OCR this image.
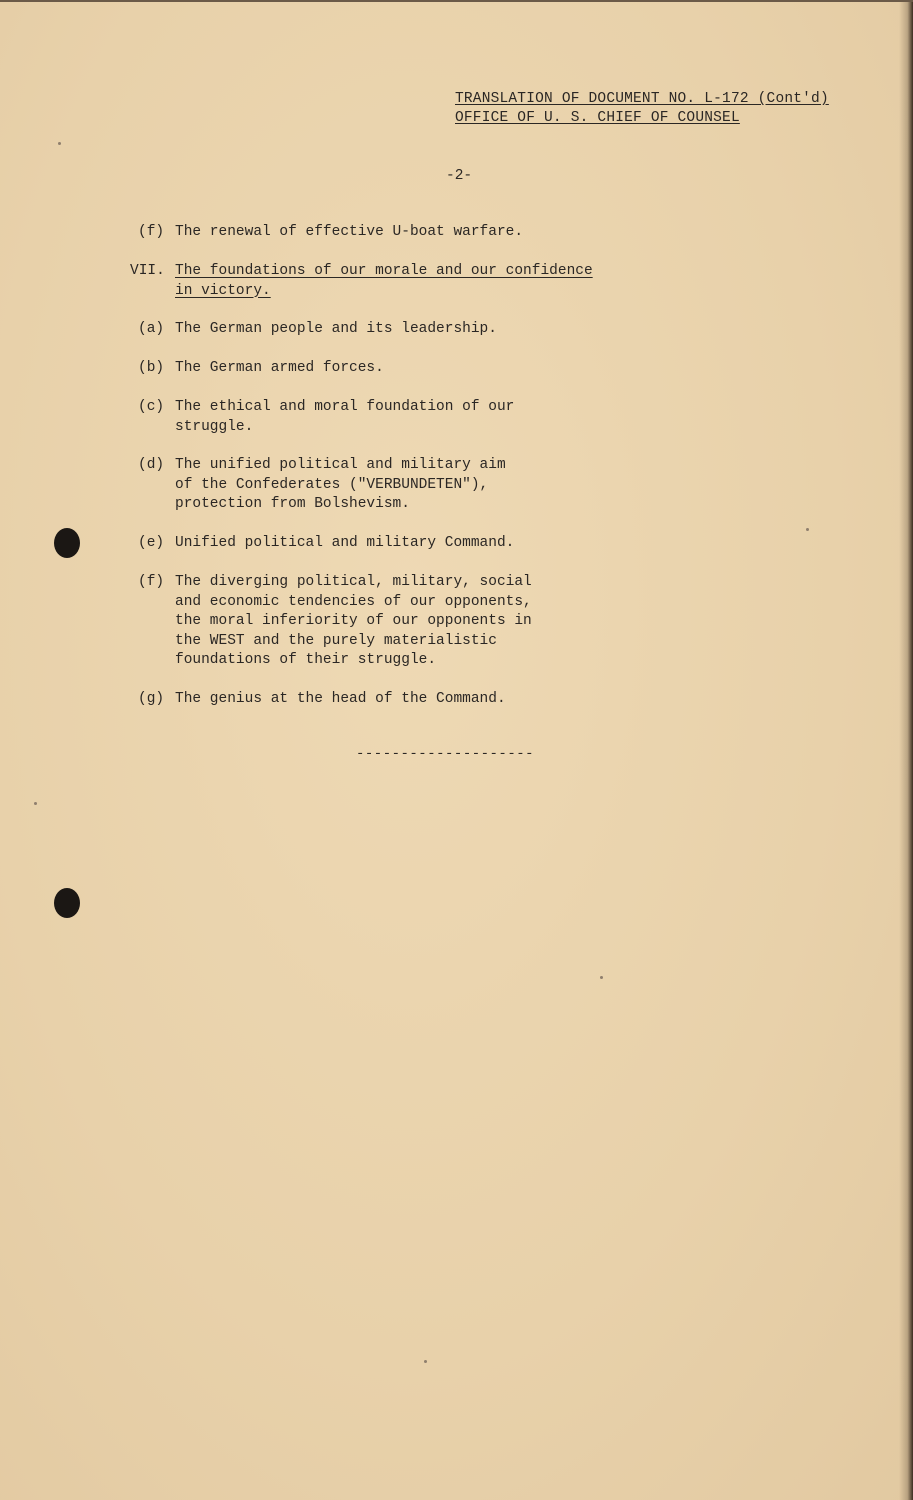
TRANSLATION OF DOCUMENT NO. L-172 (Cont'd)
OFFICE OF U. S. CHIEF OF COUNSEL
-2-
(f) The renewal of effective U-boat warfare.
VII. The foundations of our morale and our confidence
in victory.
(a) The German people and its leadership.
(b) The German armed forces.
(c) The ethical and moral foundation of our
struggle.
(d) The unified political and military aim
of the Confederates ("VERBUNDETEN"),
protection from Bolshevism.
(e) Unified political and military Command.
(f) The diverging political, military, social
and economic tendencies of our opponents,
the moral inferiority of our opponents in
the WEST and the purely materialistic
foundations of their struggle.
(g) The genius at the head of the Command.
--------------------
